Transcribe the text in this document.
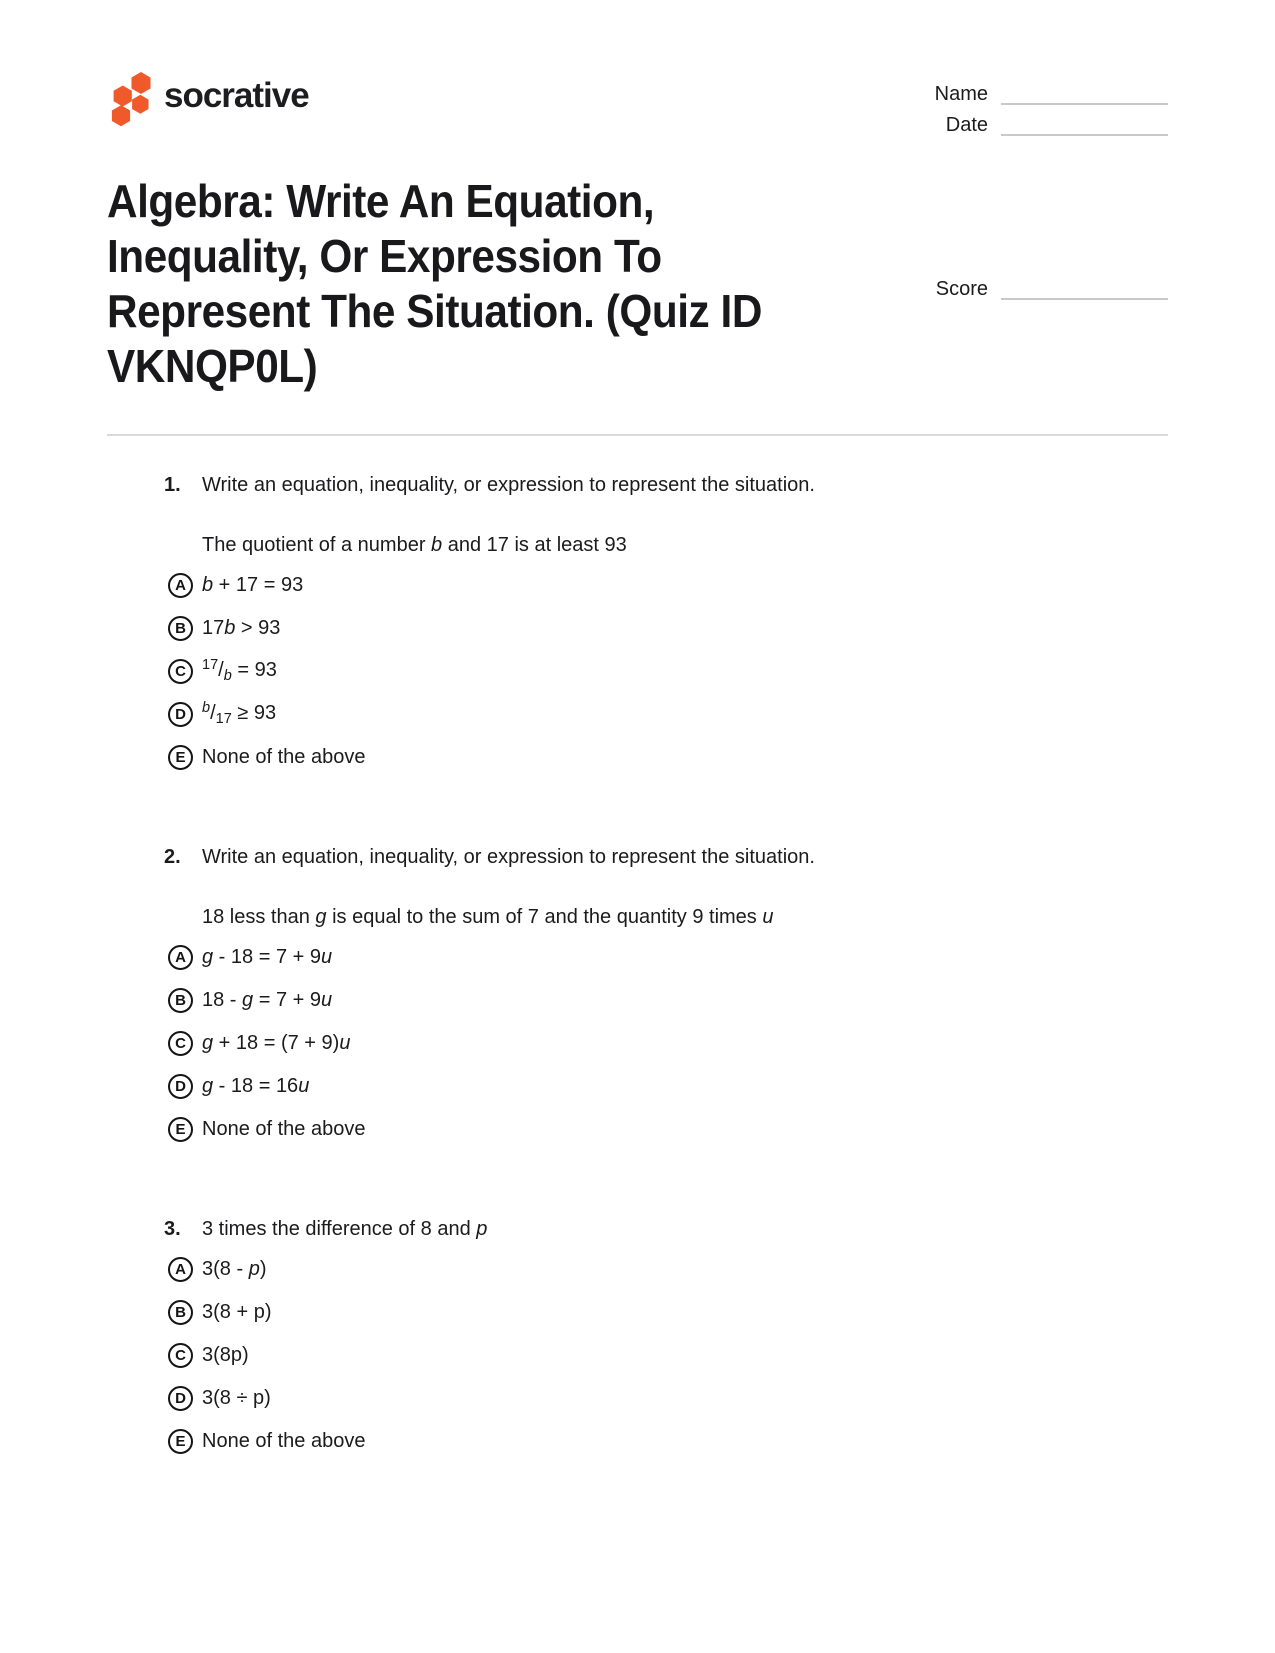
socrative	Name
Date
Algebra: Write An Equation, Inequality, Or Expression To Represent The Situation. (Quiz ID VKNQP0L)
Score
1.	Write an equation, inequality, or expression to represent the situation.
The quotient of a number b and 17 is at least 93
A b + 17 = 93
B 17b > 93
C	$^{17}/_b = 93$
D	$^b/_{17} \ge 93$
E None of the above
2.	Write an equation, inequality, or expression to represent the situation.
18 less than g is equal to the sum of 7 and the quantity 9 times u
A g - 18 = 7 + 9u
B 18 - g = 7 + 9u
C g + 18 = (7 + 9)u
D g - 18 = 16u
E None of the above
3.	3 times the difference of 8 and p
A 3(8 - p)
B 3(8 + p)
C 3(8p)
D 3(8 ÷ p)
E None of the above
